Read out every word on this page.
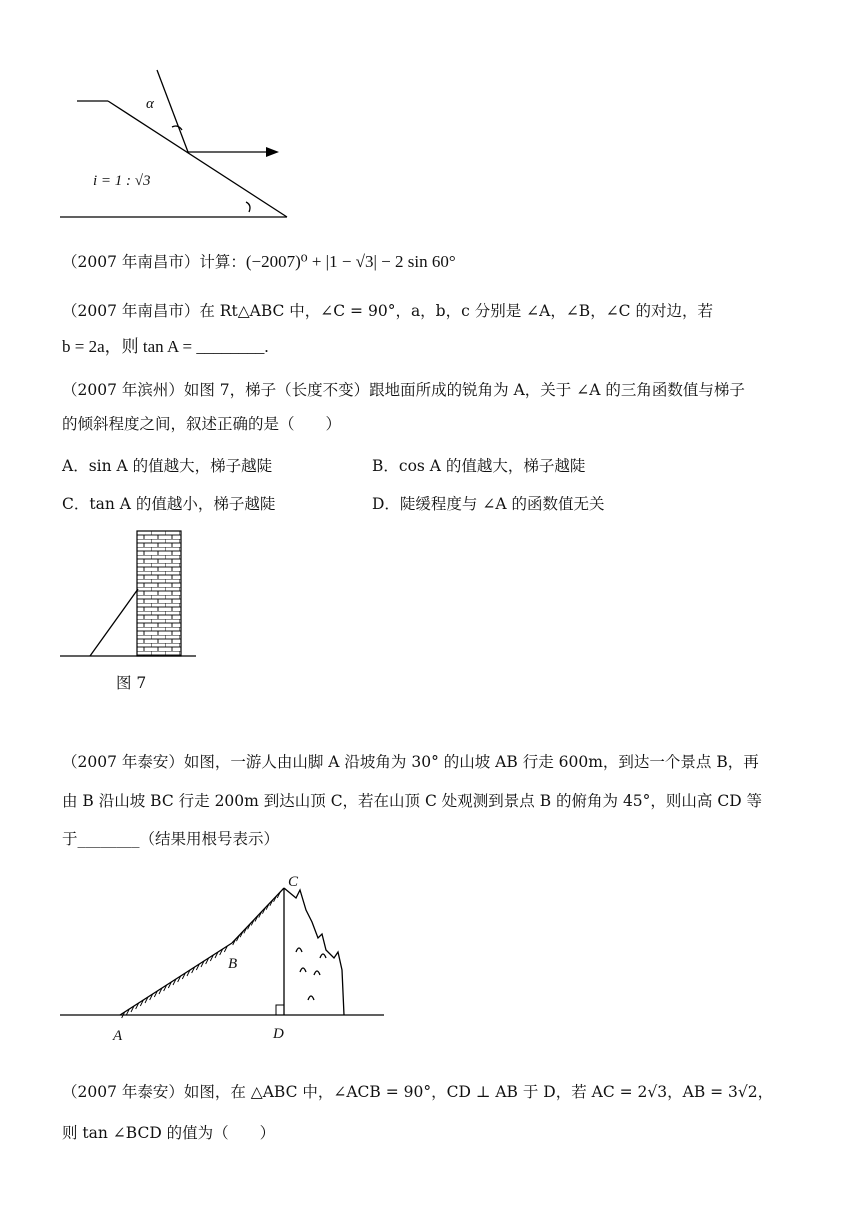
α
i = 1 : √3
（2007 年南昌市）计算：(−2007)⁰ + |1 − √3| − 2 sin 60°
（2007 年南昌市）在 Rt△ABC 中，∠C = 90°，a，b，c 分别是 ∠A，∠B，∠C 的对边，若
b = 2a，则 tan A = ________.
（2007 年滨州）如图 7，梯子（长度不变）跟地面所成的锐角为 A，关于 ∠A 的三角函数值与梯子
的倾斜程度之间，叙述正确的是（　　）
A．sin A 的值越大，梯子越陡	B．cos A 的值越大，梯子越陡
C．tan A 的值越小，梯子越陡	D．陡缓程度与 ∠A 的函数值无关
图 7
（2007 年泰安）如图，一游人由山脚 A 沿坡角为 30° 的山坡 AB 行走 600m，到达一个景点 B，再
由 B 沿山坡 BC 行走 200m 到达山顶 C，若在山顶 C 处观测到景点 B 的俯角为 45°，则山高 CD 等
于________（结果用根号表示）
A
B
C
D
（2007 年泰安）如图，在 △ABC 中，∠ACB = 90°，CD ⊥ AB 于 D，若 AC = 2√3，AB = 3√2，
则 tan ∠BCD 的值为（　　）
